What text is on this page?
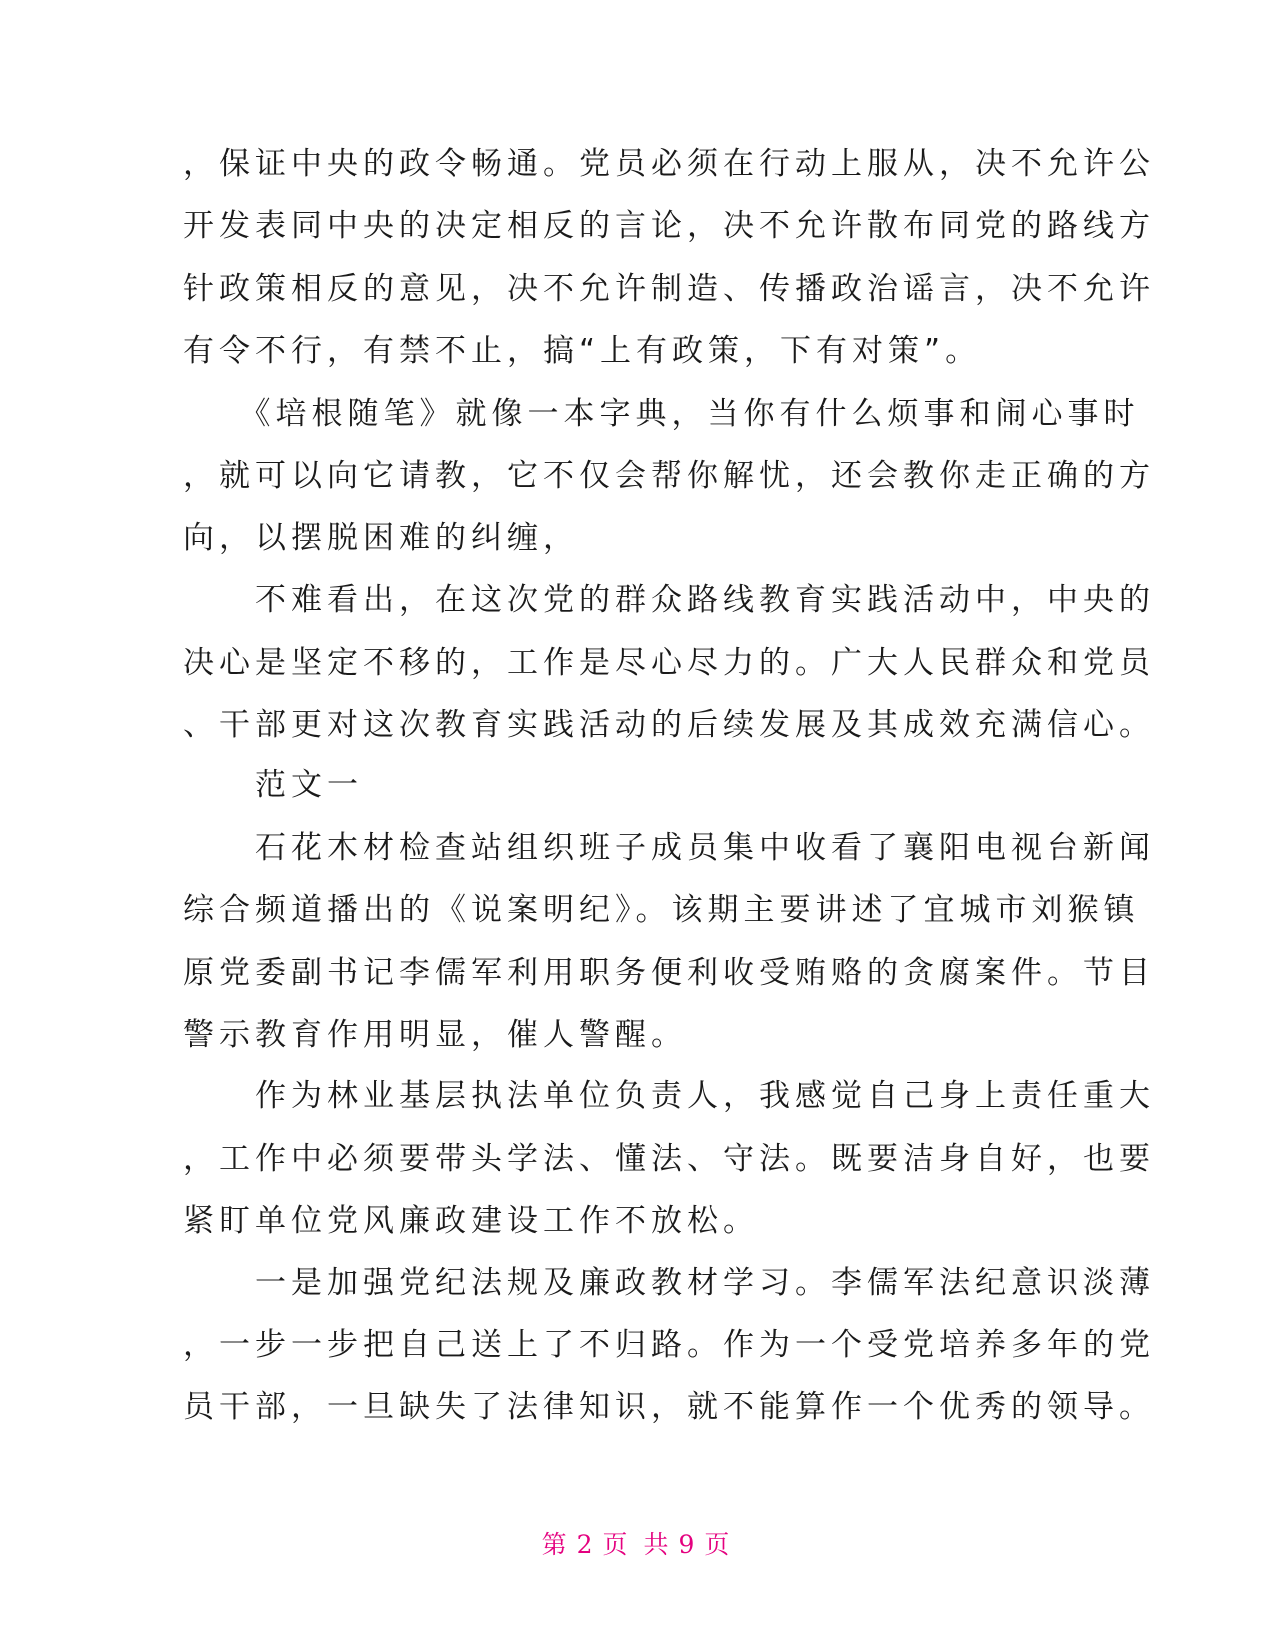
，保证中央的政令畅通。党员必须在行动上服从，决不允许公
开发表同中央的决定相反的言论，决不允许散布同党的路线方
针政策相反的意见，决不允许制造、传播政治谣言，决不允许
有令不行，有禁不止，搞“上有政策，下有对策”。
　　《培根随笔》就像一本字典，当你有什么烦事和闹心事时
，就可以向它请教，它不仅会帮你解忧，还会教你走正确的方
向，以摆脱困难的纠缠，
　　不难看出，在这次党的群众路线教育实践活动中，中央的
决心是坚定不移的，工作是尽心尽力的。广大人民群众和党员
、干部更对这次教育实践活动的后续发展及其成效充满信心。
　　范文一
　　石花木材检查站组织班子成员集中收看了襄阳电视台新闻
综合频道播出的《说案明纪》。该期主要讲述了宜城市刘猴镇
原党委副书记李儒军利用职务便利收受贿赂的贪腐案件。节目
警示教育作用明显，催人警醒。
　　作为林业基层执法单位负责人，我感觉自己身上责任重大
，工作中必须要带头学法、懂法、守法。既要洁身自好，也要
紧盯单位党风廉政建设工作不放松。
　　一是加强党纪法规及廉政教材学习。李儒军法纪意识淡薄
，一步一步把自己送上了不归路。作为一个受党培养多年的党
员干部，一旦缺失了法律知识，就不能算作一个优秀的领导。
第 2 页 共 9 页
